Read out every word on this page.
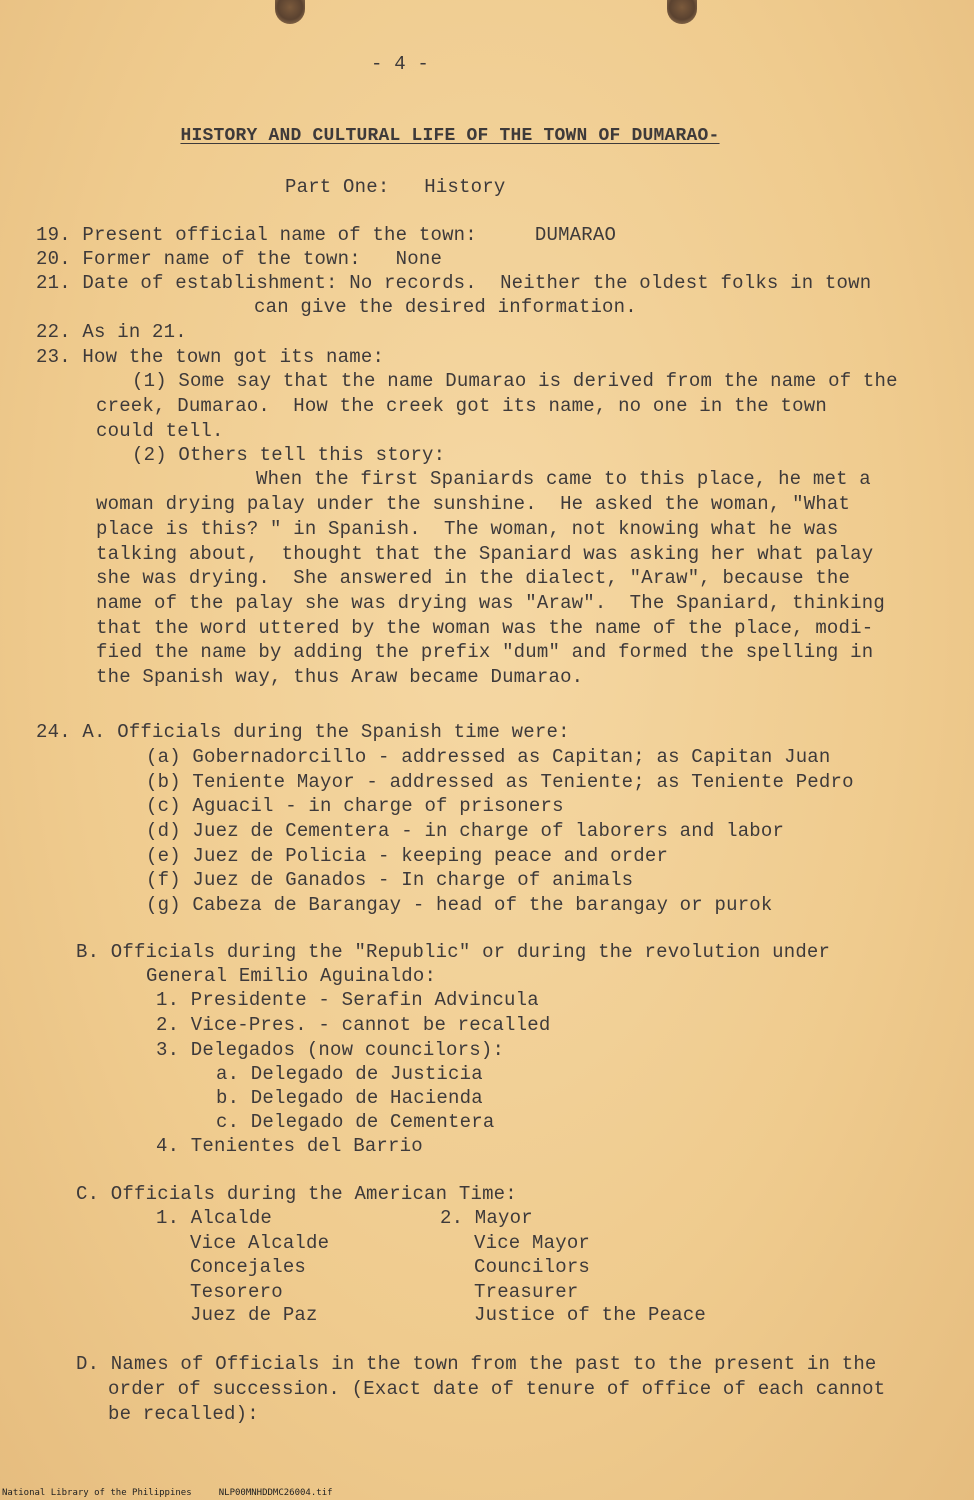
- 4 -
HISTORY AND CULTURAL LIFE OF THE TOWN OF DUMARAO-
Part One:   History
19. Present official name of the town:     DUMARAO
20. Former name of the town:   None
21. Date of establishment: No records.  Neither the oldest folks in town
can give the desired information.
22. As in 21.
23. How the town got its name:
(1) Some say that the name Dumarao is derived from the name of the
creek, Dumarao.  How the creek got its name, no one in the town
could tell.
(2) Others tell this story:
When the first Spaniards came to this place, he met a
woman drying palay under the sunshine.  He asked the woman, "What
place is this? " in Spanish.  The woman, not knowing what he was
talking about,  thought that the Spaniard was asking her what palay
she was drying.  She answered in the dialect, "Araw", because the
name of the palay she was drying was "Araw".  The Spaniard, thinking
that the word uttered by the woman was the name of the place, modi-
fied the name by adding the prefix "dum" and formed the spelling in
the Spanish way, thus Araw became Dumarao.
24. A. Officials during the Spanish time were:
(a) Gobernadorcillo - addressed as Capitan; as Capitan Juan
(b) Teniente Mayor - addressed as Teniente; as Teniente Pedro
(c) Aguacil - in charge of prisoners
(d) Juez de Cementera - in charge of laborers and labor
(e) Juez de Policia - keeping peace and order
(f) Juez de Ganados - In charge of animals
(g) Cabeza de Barangay - head of the barangay or purok
B. Officials during the "Republic" or during the revolution under
General Emilio Aguinaldo:
1. Presidente - Serafin Advincula
2. Vice-Pres. - cannot be recalled
3. Delegados (now councilors):
a. Delegado de Justicia
b. Delegado de Hacienda
c. Delegado de Cementera
4. Tenientes del Barrio
C. Officials during the American Time:
1. Alcalde
Vice Alcalde
Concejales
Tesorero
Juez de Paz
2. Mayor
Vice Mayor
Councilors
Treasurer
Justice of the Peace
D. Names of Officials in the town from the past to the present in the
order of succession. (Exact date of tenure of office of each cannot
be recalled):
National Library of the Philippines     NLP00MNHDDMC26004.tif
